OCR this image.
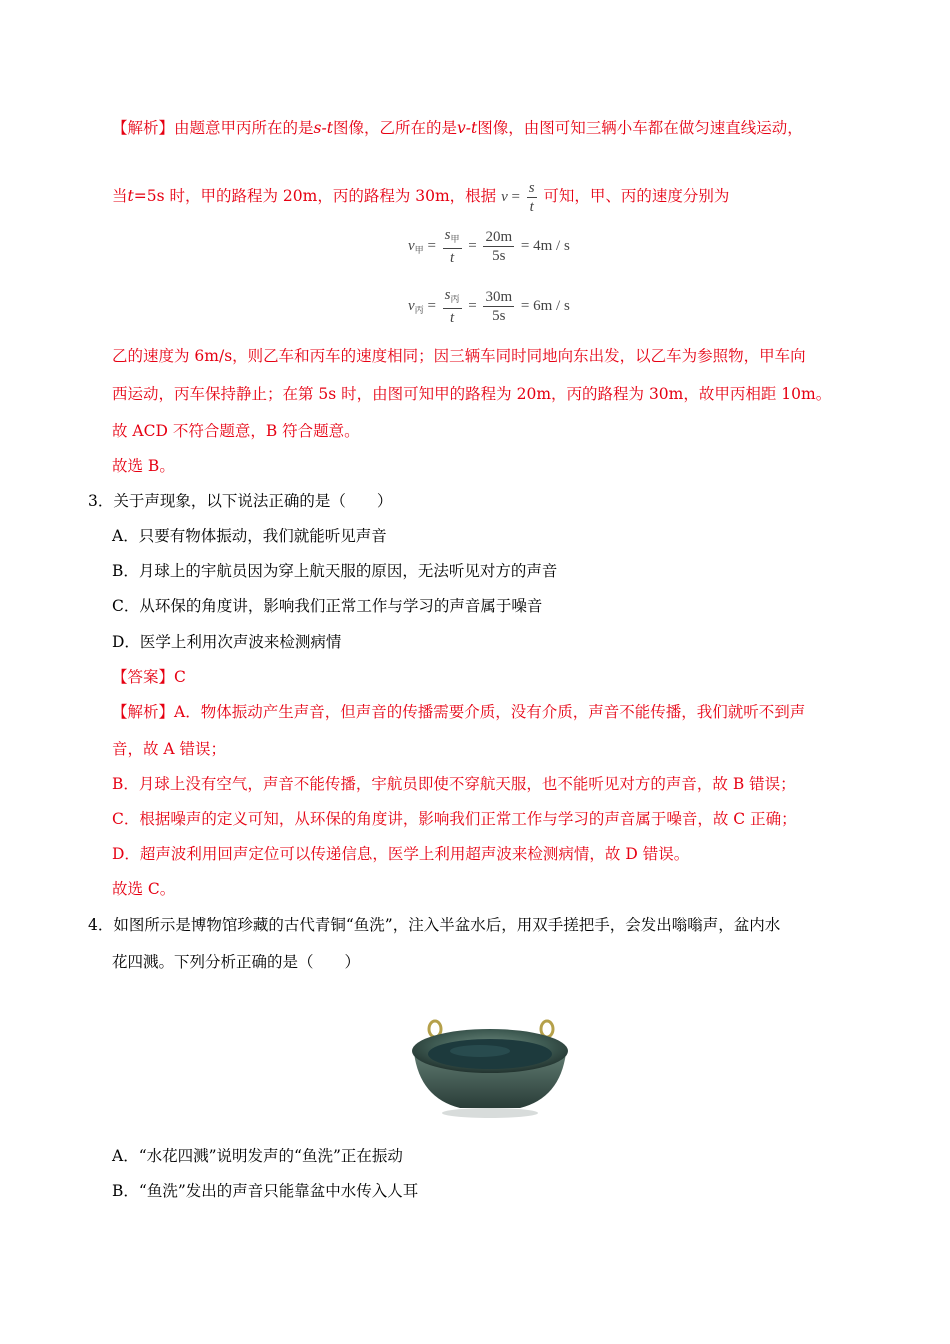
【解析】由题意甲丙所在的是s-t图像，乙所在的是v-t图像，由图可知三辆小车都在做匀速直线运动，
当t=5s 时，甲的路程为 20m，丙的路程为 30m，根据 $v = \frac{s}{t}$ 可知，甲、丙的速度分别为
$v_甲 = \frac{s_甲}{t} = \frac{20m}{5s} = 4m / s$
$v_丙 = \frac{s_丙}{t} = \frac{30m}{5s} = 6m / s$
乙的速度为 6m/s，则乙车和丙车的速度相同；因三辆车同时同地向东出发，以乙车为参照物，甲车向
西运动，丙车保持静止；在第 5s 时，由图可知甲的路程为 20m，丙的路程为 30m，故甲丙相距 10m。
故 ACD 不符合题意，B 符合题意。
故选 B。
3．关于声现象，以下说法正确的是（　　）
A．只要有物体振动，我们就能听见声音
B．月球上的宇航员因为穿上航天服的原因，无法听见对方的声音
C．从环保的角度讲，影响我们正常工作与学习的声音属于噪音
D．医学上利用次声波来检测病情
【答案】C
【解析】A．物体振动产生声音，但声音的传播需要介质，没有介质，声音不能传播，我们就听不到声
音，故 A 错误；
B．月球上没有空气，声音不能传播，宇航员即使不穿航天服，也不能听见对方的声音，故 B 错误；
C．根据噪声的定义可知，从环保的角度讲，影响我们正常工作与学习的声音属于噪音，故 C 正确；
D．超声波利用回声定位可以传递信息，医学上利用超声波来检测病情，故 D 错误。
故选 C。
4．如图所示是博物馆珍藏的古代青铜“鱼洗”，注入半盆水后，用双手搓把手，会发出嗡嗡声，盆内水
花四溅。下列分析正确的是（　　）
A．“水花四溅”说明发声的“鱼洗”正在振动
B．“鱼洗”发出的声音只能靠盆中水传入人耳
